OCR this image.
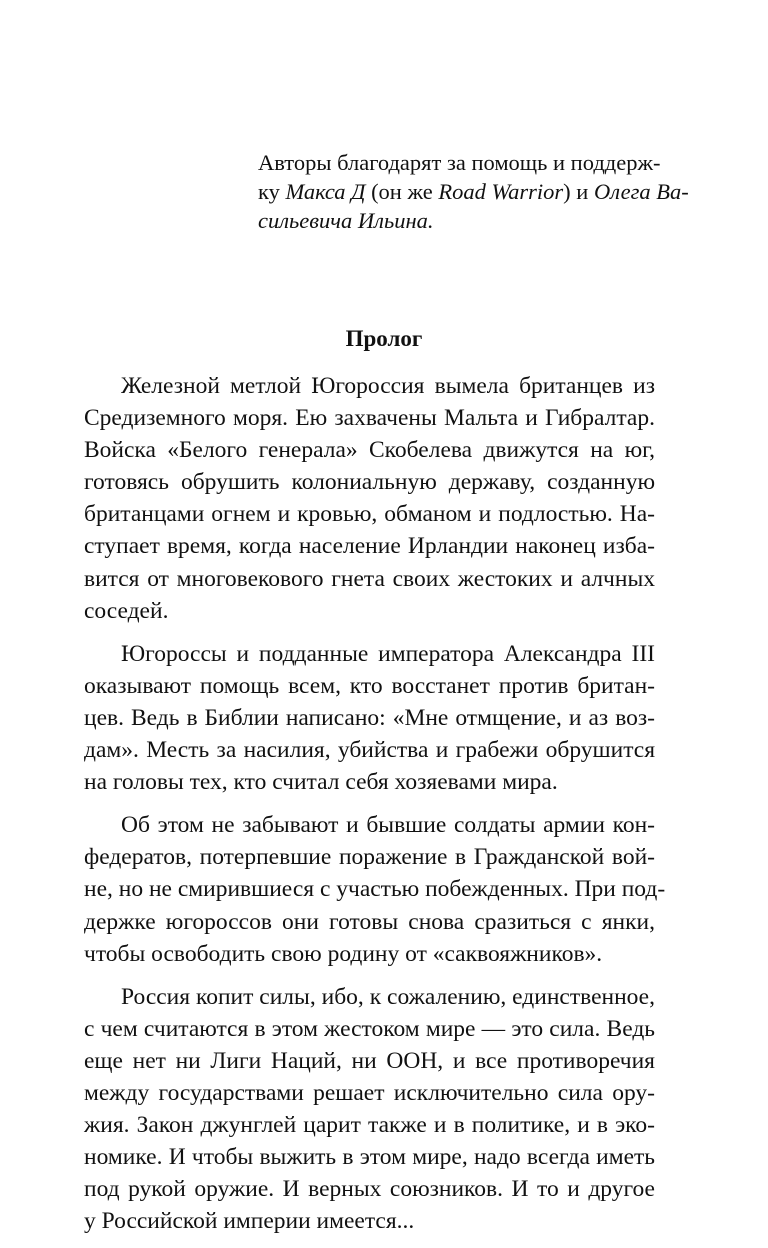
Авторы благодарят за помощь и поддерж-
ку Макса Д (он же Road Warrior) и Олега Ва-
сильевича Ильина.
Пролог
Железной метлой Югороссия вымела британцев из
Средиземного моря. Ею захвачены Мальта и Гибралтар.
Войска «Белого генерала» Скобелева движутся на юг,
готовясь обрушить колониальную державу, созданную
британцами огнем и кровью, обманом и подлостью. На-
ступает время, когда население Ирландии наконец изба-
вится от многовекового гнета своих жестоких и алчных
соседей.
Югороссы и подданные императора Александра III
оказывают помощь всем, кто восстанет против британ-
цев. Ведь в Библии написано: «Мне отмщение, и аз воз-
дам». Месть за насилия, убийства и грабежи обрушится
на головы тех, кто считал себя хозяевами мира.
Об этом не забывают и бывшие солдаты армии кон-
федератов, потерпевшие поражение в Гражданской вой-
не, но не смирившиеся с участью побежденных. При под-
держке югороссов они готовы снова сразиться с янки,
чтобы освободить свою родину от «саквояжников».
Россия копит силы, ибо, к сожалению, единственное,
с чем считаются в этом жестоком мире — это сила. Ведь
еще нет ни Лиги Наций, ни ООН, и все противоречия
между государствами решает исключительно сила ору-
жия. Закон джунглей царит также и в политике, и в эко-
номике. И чтобы выжить в этом мире, надо всегда иметь
под рукой оружие. И верных союзников. И то и другое
у Российской империи имеется...
